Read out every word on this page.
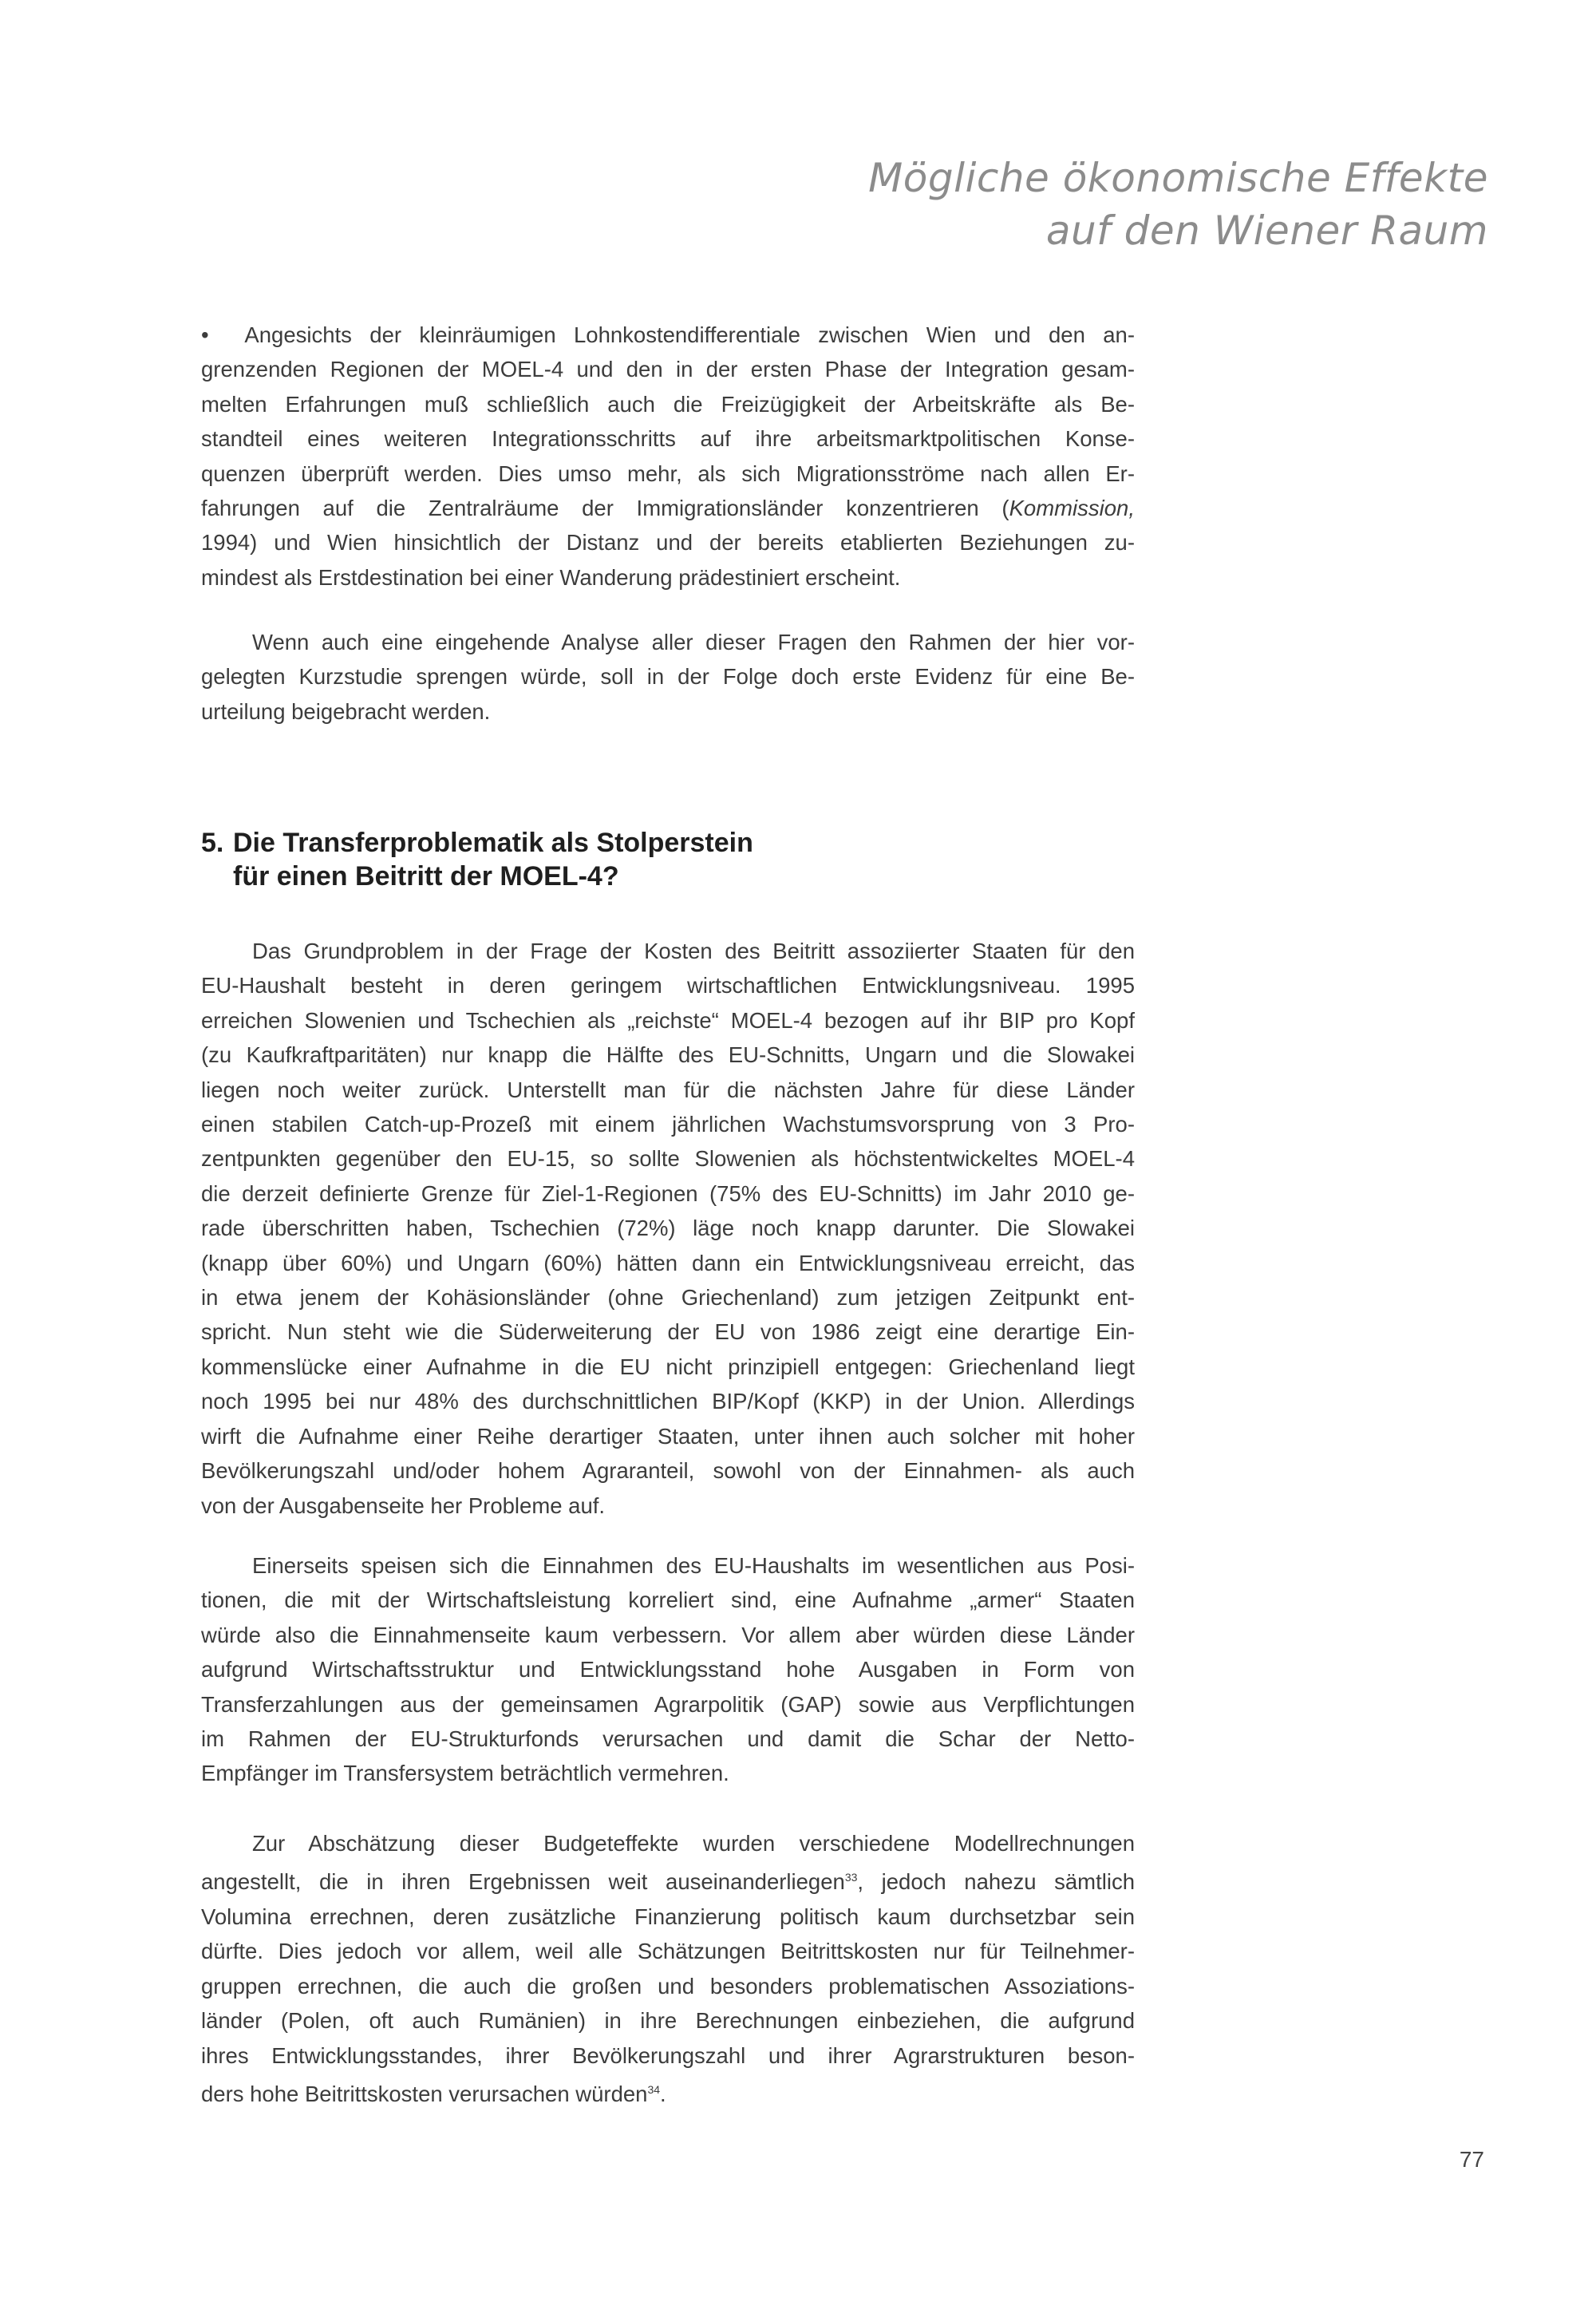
Mögliche ökonomische Effekte
auf den Wiener Raum

• Angesichts der kleinräumigen Lohnkostendifferentiale zwischen Wien und den an-
grenzenden Regionen der MOEL-4 und den in der ersten Phase der Integration gesam-
melten Erfahrungen muß schließlich auch die Freizügigkeit der Arbeitskräfte als Be-
standteil eines weiteren Integrationsschritts auf ihre arbeitsmarktpolitischen Konse-
quenzen überprüft werden. Dies umso mehr, als sich Migrationsströme nach allen Er-
fahrungen auf die Zentralräume der Immigrationsländer konzentrieren (Kommission,
1994) und Wien hinsichtlich der Distanz und der bereits etablierten Beziehungen zu-
mindest als Erstdestination bei einer Wanderung prädestiniert erscheint.

Wenn auch eine eingehende Analyse aller dieser Fragen den Rahmen der hier vor-
gelegten Kurzstudie sprengen würde, soll in der Folge doch erste Evidenz für eine Be-
urteilung beigebracht werden.

5. Die Transferproblematik als Stolperstein
für einen Beitritt der MOEL-4?

Das Grundproblem in der Frage der Kosten des Beitritt assoziierter Staaten für den
EU-Haushalt besteht in deren geringem wirtschaftlichen Entwicklungsniveau. 1995
erreichen Slowenien und Tschechien als „reichste“ MOEL-4 bezogen auf ihr BIP pro Kopf
(zu Kaufkraftparitäten) nur knapp die Hälfte des EU-Schnitts, Ungarn und die Slowakei
liegen noch weiter zurück. Unterstellt man für die nächsten Jahre für diese Länder
einen stabilen Catch-up-Prozeß mit einem jährlichen Wachstumsvorsprung von 3 Pro-
zentpunkten gegenüber den EU-15, so sollte Slowenien als höchstentwickeltes MOEL-4
die derzeit definierte Grenze für Ziel-1-Regionen (75% des EU-Schnitts) im Jahr 2010 ge-
rade überschritten haben, Tschechien (72%) läge noch knapp darunter. Die Slowakei
(knapp über 60%) und Ungarn (60%) hätten dann ein Entwicklungsniveau erreicht, das
in etwa jenem der Kohäsionsländer (ohne Griechenland) zum jetzigen Zeitpunkt ent-
spricht. Nun steht wie die Süderweiterung der EU von 1986 zeigt eine derartige Ein-
kommenslücke einer Aufnahme in die EU nicht prinzipiell entgegen: Griechenland liegt
noch 1995 bei nur 48% des durchschnittlichen BIP/Kopf (KKP) in der Union. Allerdings
wirft die Aufnahme einer Reihe derartiger Staaten, unter ihnen auch solcher mit hoher
Bevölkerungszahl und/oder hohem Agraranteil, sowohl von der Einnahmen- als auch
von der Ausgabenseite her Probleme auf.

Einerseits speisen sich die Einnahmen des EU-Haushalts im wesentlichen aus Posi-
tionen, die mit der Wirtschaftsleistung korreliert sind, eine Aufnahme „armer“ Staaten
würde also die Einnahmenseite kaum verbessern. Vor allem aber würden diese Länder
aufgrund Wirtschaftsstruktur und Entwicklungsstand hohe Ausgaben in Form von
Transferzahlungen aus der gemeinsamen Agrarpolitik (GAP) sowie aus Verpflichtungen
im Rahmen der EU-Strukturfonds verursachen und damit die Schar der Netto-
Empfänger im Transfersystem beträchtlich vermehren.

Zur Abschätzung dieser Budgeteffekte wurden verschiedene Modellrechnungen
angestellt, die in ihren Ergebnissen weit auseinanderliegen$^{33}$, jedoch nahezu sämtlich
Volumina errechnen, deren zusätzliche Finanzierung politisch kaum durchsetzbar sein
dürfte. Dies jedoch vor allem, weil alle Schätzungen Beitrittskosten nur für Teilnehmer-
gruppen errechnen, die auch die großen und besonders problematischen Assoziations-
länder (Polen, oft auch Rumänien) in ihre Berechnungen einbeziehen, die aufgrund
ihres Entwicklungsstandes, ihrer Bevölkerungszahl und ihrer Agrarstrukturen beson-
ders hohe Beitrittskosten verursachen würden$^{34}$.

77
